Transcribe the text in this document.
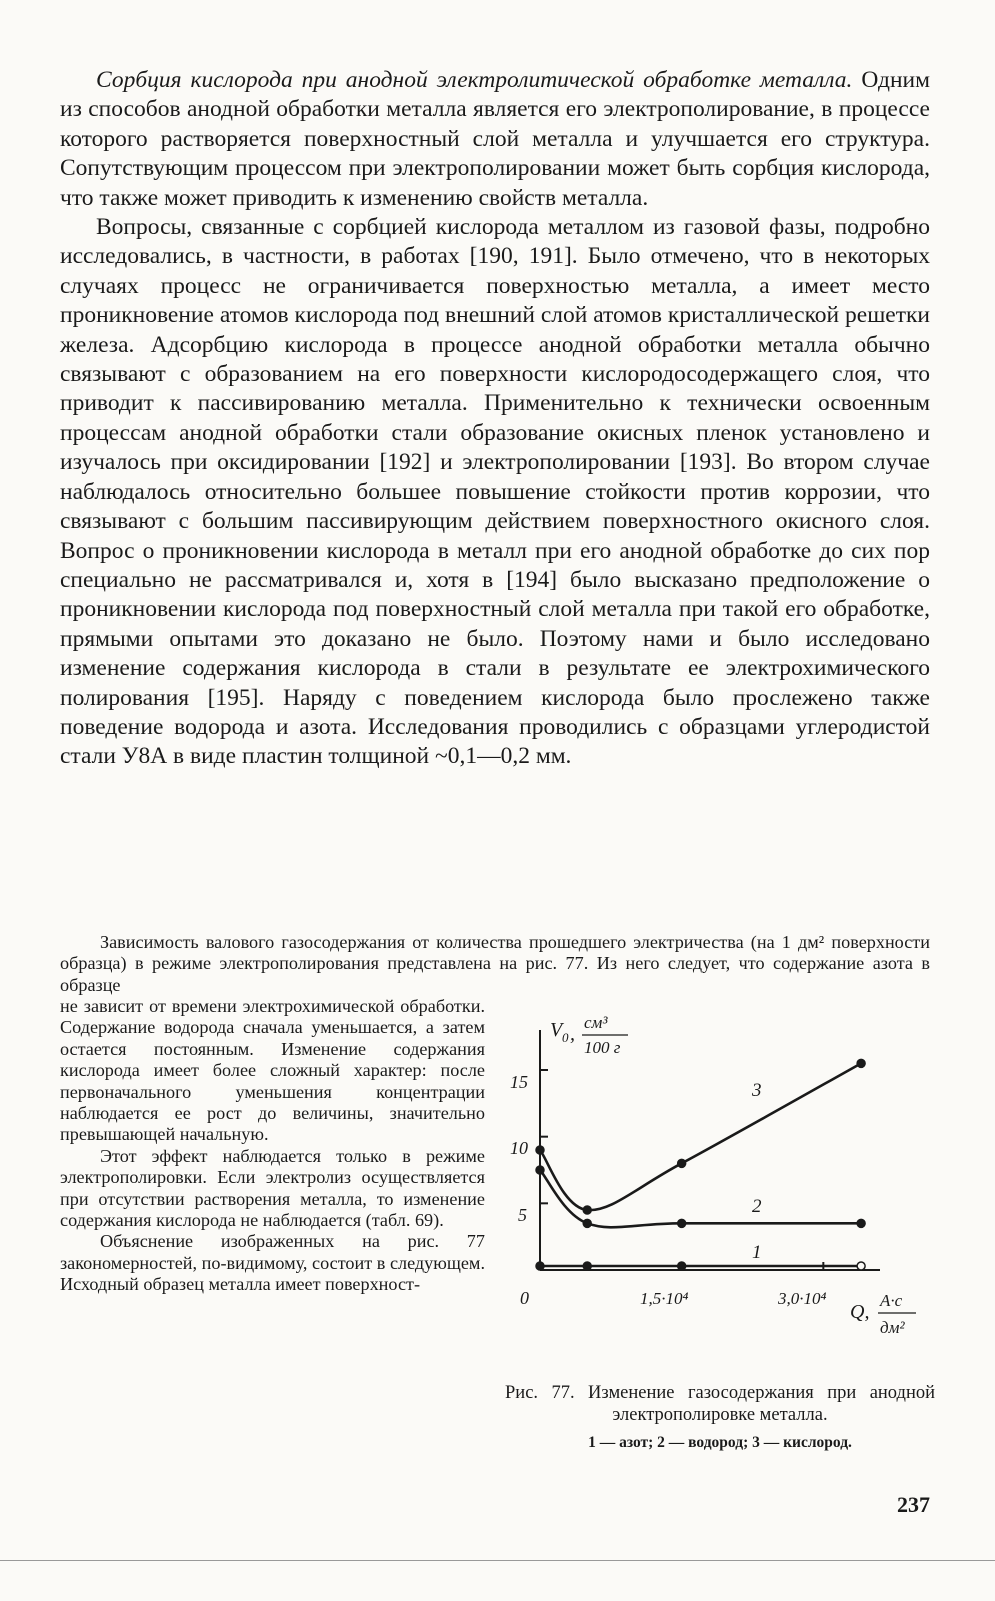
Сорбция кислорода при анодной электролитической обработке металла. Одним из способов анодной обработки металла является его электрополирование, в процессе которого растворяется поверхностный слой металла и улучшается его структура. Сопутствующим процессом при электрополировании может быть сорбция кислорода, что также может приводить к изменению свойств металла.

Вопросы, связанные с сорбцией кислорода металлом из газовой фазы, подробно исследовались, в частности, в работах [190, 191]. Было отмечено, что в некоторых случаях процесс не ограничивается поверхностью металла, а имеет место проникновение атомов кислорода под внешний слой атомов кристаллической решетки железа. Адсорбцию кислорода в процессе анодной обработки металла обычно связывают с образованием на его поверхности кислородосодержащего слоя, что приводит к пассивированию металла. Применительно к технически освоенным процессам анодной обработки стали образование окисных пленок установлено и изучалось при оксидировании [192] и электрополировании [193]. Во втором случае наблюдалось относительно большее повышение стойкости против коррозии, что связывают с большим пассивирующим действием поверхностного окисного слоя. Вопрос о проникновении кислорода в металл при его анодной обработке до сих пор специально не рассматривался и, хотя в [194] было высказано предположение о проникновении кислорода под поверхностный слой металла при такой его обработке, прямыми опытами это доказано не было. Поэтому нами и было исследовано изменение содержания кислорода в стали в результате ее электрохимического полирования [195]. Наряду с поведением кислорода было прослежено также поведение водорода и азота. Исследования проводились с образцами углеродистой стали У8А в виде пластин толщиной ~0,1—0,2 мм.

Зависимость валового газосодержания от количества прошедшего электричества (на 1 дм² поверхности образца) в режиме электрополирования представлена на рис. 77. Из него следует, что содержание азота в образце

не зависит от времени электрохимической обработки. Содержание водорода сначала уменьшается, а затем остается постоянным. Изменение содержания кислорода имеет более сложный характер: после первоначального уменьшения концентрации наблюдается ее рост до величины, значительно превышающей начальную.

Этот эффект наблюдается только в режиме электрополировки. Если электролиз осуществляется при отсутствии растворения металла, то изменение содержания кислорода не наблюдается (табл. 69).

Объяснение изображенных на рис. 77 закономерностей, по-видимому, состоит в следующем. Исходный образец металла имеет поверхност-

V 0 ,
см³
100 г
Q,
А·с
дм²
15
10
5
0	1,5·10⁴	3,0·10⁴
1
2
3
Рис. 77. Изменение газосодержания при анодной электрополировке металла.
1 — азот; 2 — водород; 3 — кислород.
237
